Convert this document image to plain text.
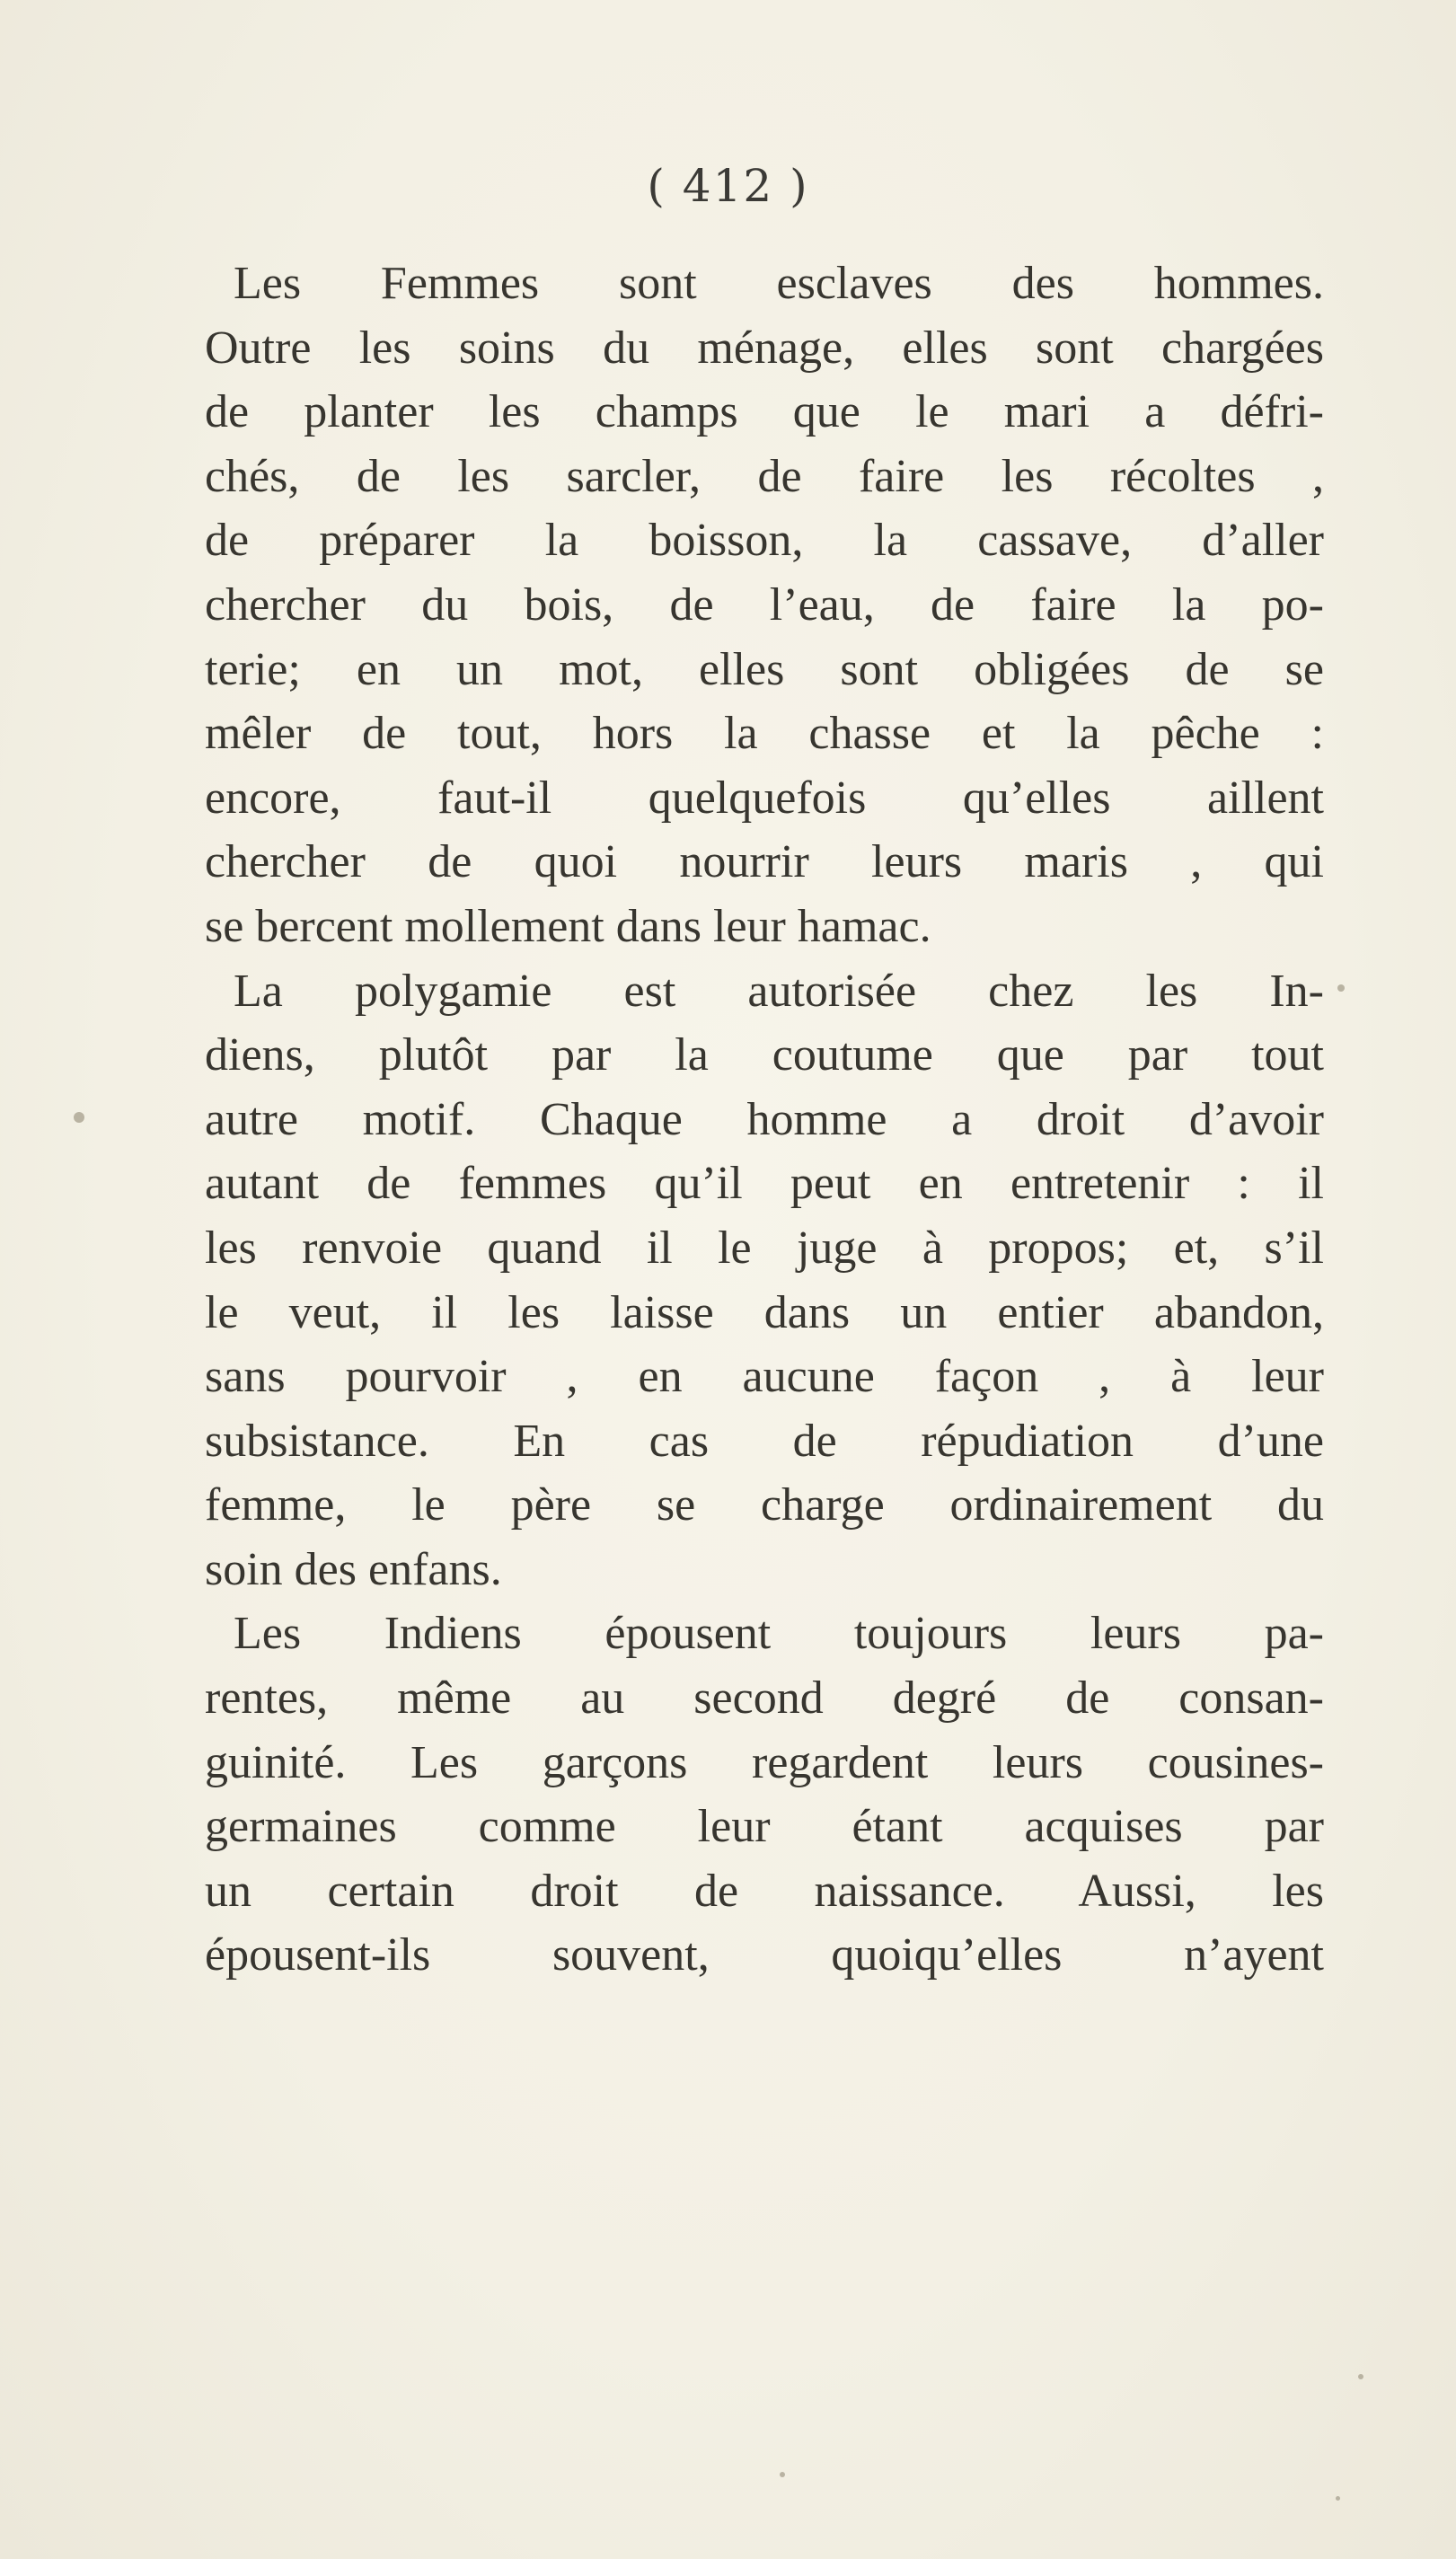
( 412 )
Les Femmes sont esclaves des hommes.
Outre les soins du ménage, elles sont chargées
de planter les champs que le mari a défri-
chés, de les sarcler, de faire les récoltes ,
de préparer la boisson, la cassave, d’aller
chercher du bois, de l’eau, de faire la po-
terie; en un mot, elles sont obligées de se
mêler de tout, hors la chasse et la pêche :
encore, faut-il quelquefois qu’elles aillent
chercher de quoi nourrir leurs maris , qui
se bercent mollement dans leur hamac.
La polygamie est autorisée chez les In-
diens, plutôt par la coutume que par tout
autre motif. Chaque homme a droit d’avoir
autant de femmes qu’il peut en entretenir : il
les renvoie quand il le juge à propos; et, s’il
le veut, il les laisse dans un entier abandon,
sans pourvoir , en aucune façon , à leur
subsistance. En cas de répudiation d’une
femme, le père se charge ordinairement du
soin des enfans.
Les Indiens épousent toujours leurs pa-
rentes, même au second degré de consan-
guinité. Les garçons regardent leurs cousines-
germaines comme leur étant acquises par
un certain droit de naissance. Aussi, les
épousent-ils souvent, quoiqu’elles n’ayent
